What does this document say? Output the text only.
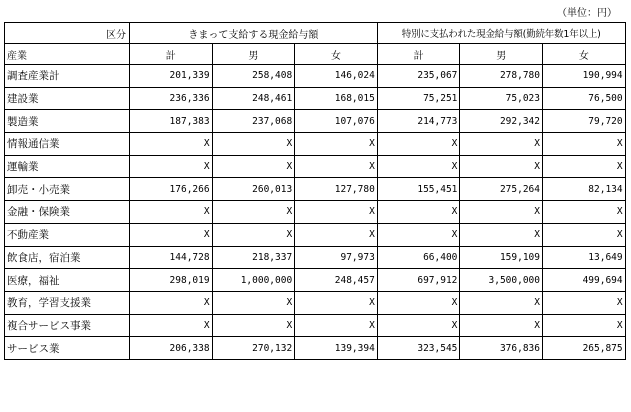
（単位：円）
区分	きまって支給する現金給与額			特別に支払われた現金給与額(勤続年数1年以上)		
産業	計	男	女	計	男	女
調査産業計	201,339	258,408	146,024	235,067	278,780	190,994
建設業	236,336	248,461	168,015	75,251	75,023	76,500
製造業	187,383	237,068	107,076	214,773	292,342	79,720
情報通信業	X	X	X	X	X	X
運輸業	X	X	X	X	X	X
卸売・小売業	176,266	260,013	127,780	155,451	275,264	82,134
金融・保険業	X	X	X	X	X	X
不動産業	X	X	X	X	X	X
飲食店，宿泊業	144,728	218,337	97,973	66,400	159,109	13,649
医療，福祉	298,019	1,000,000	248,457	697,912	3,500,000	499,694
教育，学習支援業	X	X	X	X	X	X
複合サービス事業	X	X	X	X	X	X
サービス業	206,338	270,132	139,394	323,545	376,836	265,875
